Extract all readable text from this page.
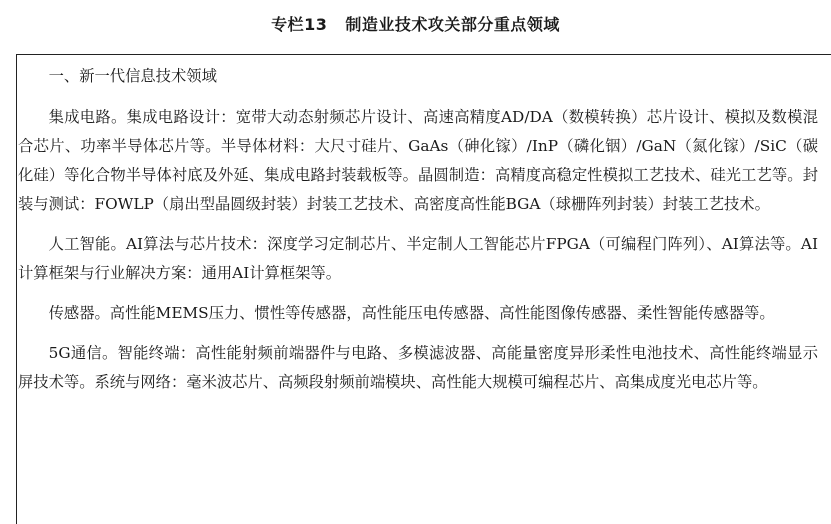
专栏13 制造业技术攻关部分重点领域

一、新一代信息技术领域

集成电路。集成电路设计：宽带大动态射频芯片设计、高速高精度AD/DA（数模转换）芯片设计、模拟及数模混合芯片、功率半导体芯片等。半导体材料：大尺寸硅片、GaAs（砷化镓）/InP（磷化铟）/GaN（氮化镓）/SiC（碳化硅）等化合物半导体衬底及外延、集成电路封装载板等。晶圆制造：高精度高稳定性模拟工艺技术、硅光工艺等。封装与测试：FOWLP（扇出型晶圆级封装）封装工艺技术、高密度高性能BGA（球栅阵列封装）封装工艺技术。

人工智能。AI算法与芯片技术：深度学习定制芯片、半定制人工智能芯片FPGA（可编程门阵列）、AI算法等。AI计算框架与行业解决方案：通用AI计算框架等。

传感器。高性能MEMS压力、惯性等传感器，高性能压电传感器、高性能图像传感器、柔性智能传感器等。

5G通信。智能终端：高性能射频前端器件与电路、多模滤波器、高能量密度异形柔性电池技术、高性能终端显示屏技术等。系统与网络：毫米波芯片、高频段射频前端模块、高性能大规模可编程芯片、高集成度光电芯片等。
